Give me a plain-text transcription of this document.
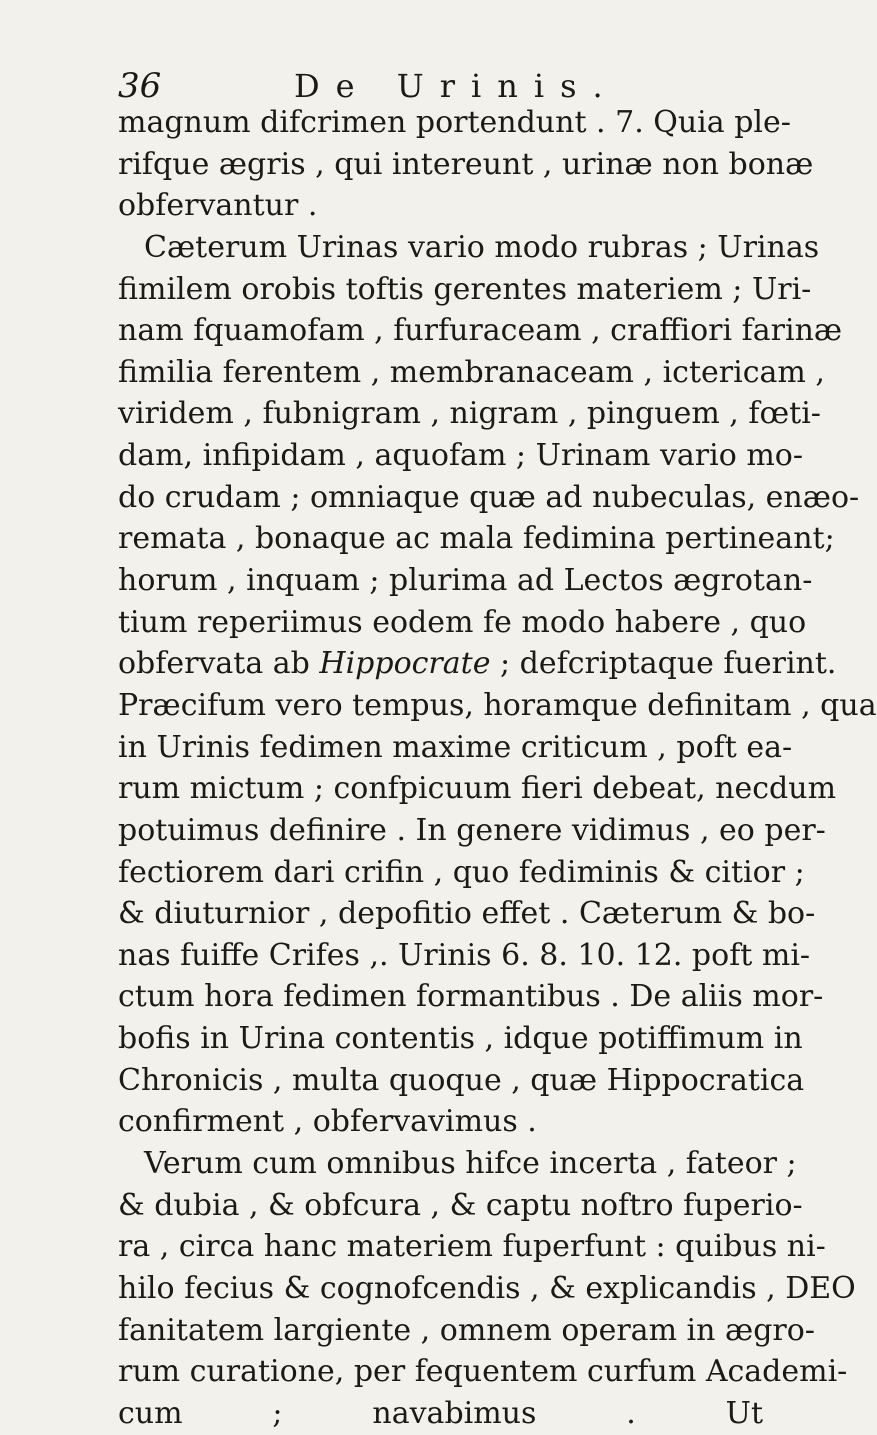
36	De Urinis.
magnum difcrimen portendunt . 7. Quia ple-
rifque ægris , qui intereunt , urinæ non bonæ
obfervantur .
Cæterum Urinas vario modo rubras ; Urinas
fimilem orobis toftis gerentes materiem ; Uri-
nam fquamofam , furfuraceam , craffiori farinæ
fimilia ferentem , membranaceam , ictericam ,
viridem , fubnigram , nigram , pinguem , fœti-
dam, infipidam , aquofam ; Urinam vario mo-
do crudam ; omniaque quæ ad nubeculas, enæo-
remata , bonaque ac mala fedimina pertineant;
horum , inquam ; plurima ad Lectos ægrotan-
tium reperiimus eodem fe modo habere , quo
obfervata ab Hippocrate ; defcriptaque fuerint.
Præcifum vero tempus, horamque definitam , qua
in Urinis fedimen maxime criticum , poft ea-
rum mictum ; confpicuum fieri debeat, necdum
potuimus definire . In genere vidimus , eo per-
fectiorem dari crifin , quo fediminis & citior ;
& diuturnior , depofitio effet . Cæterum & bo-
nas fuiffe Crifes ,. Urinis 6. 8. 10. 12. poft mi-
ctum hora fedimen formantibus . De aliis mor-
bofis in Urina contentis , idque potiffimum in
Chronicis , multa quoque , quæ Hippocratica
confirment , obfervavimus .
Verum cum omnibus hifce incerta , fateor ;
& dubia , & obfcura , & captu noftro fuperio-
ra , circa hanc materiem fuperfunt : quibus ni-
hilo fecius & cognofcendis , & explicandis , DEO
fanitatem largiente , omnem operam in ægro-
rum curatione, per fequentem curfum Academi-
cum ; navabimus . Ut
